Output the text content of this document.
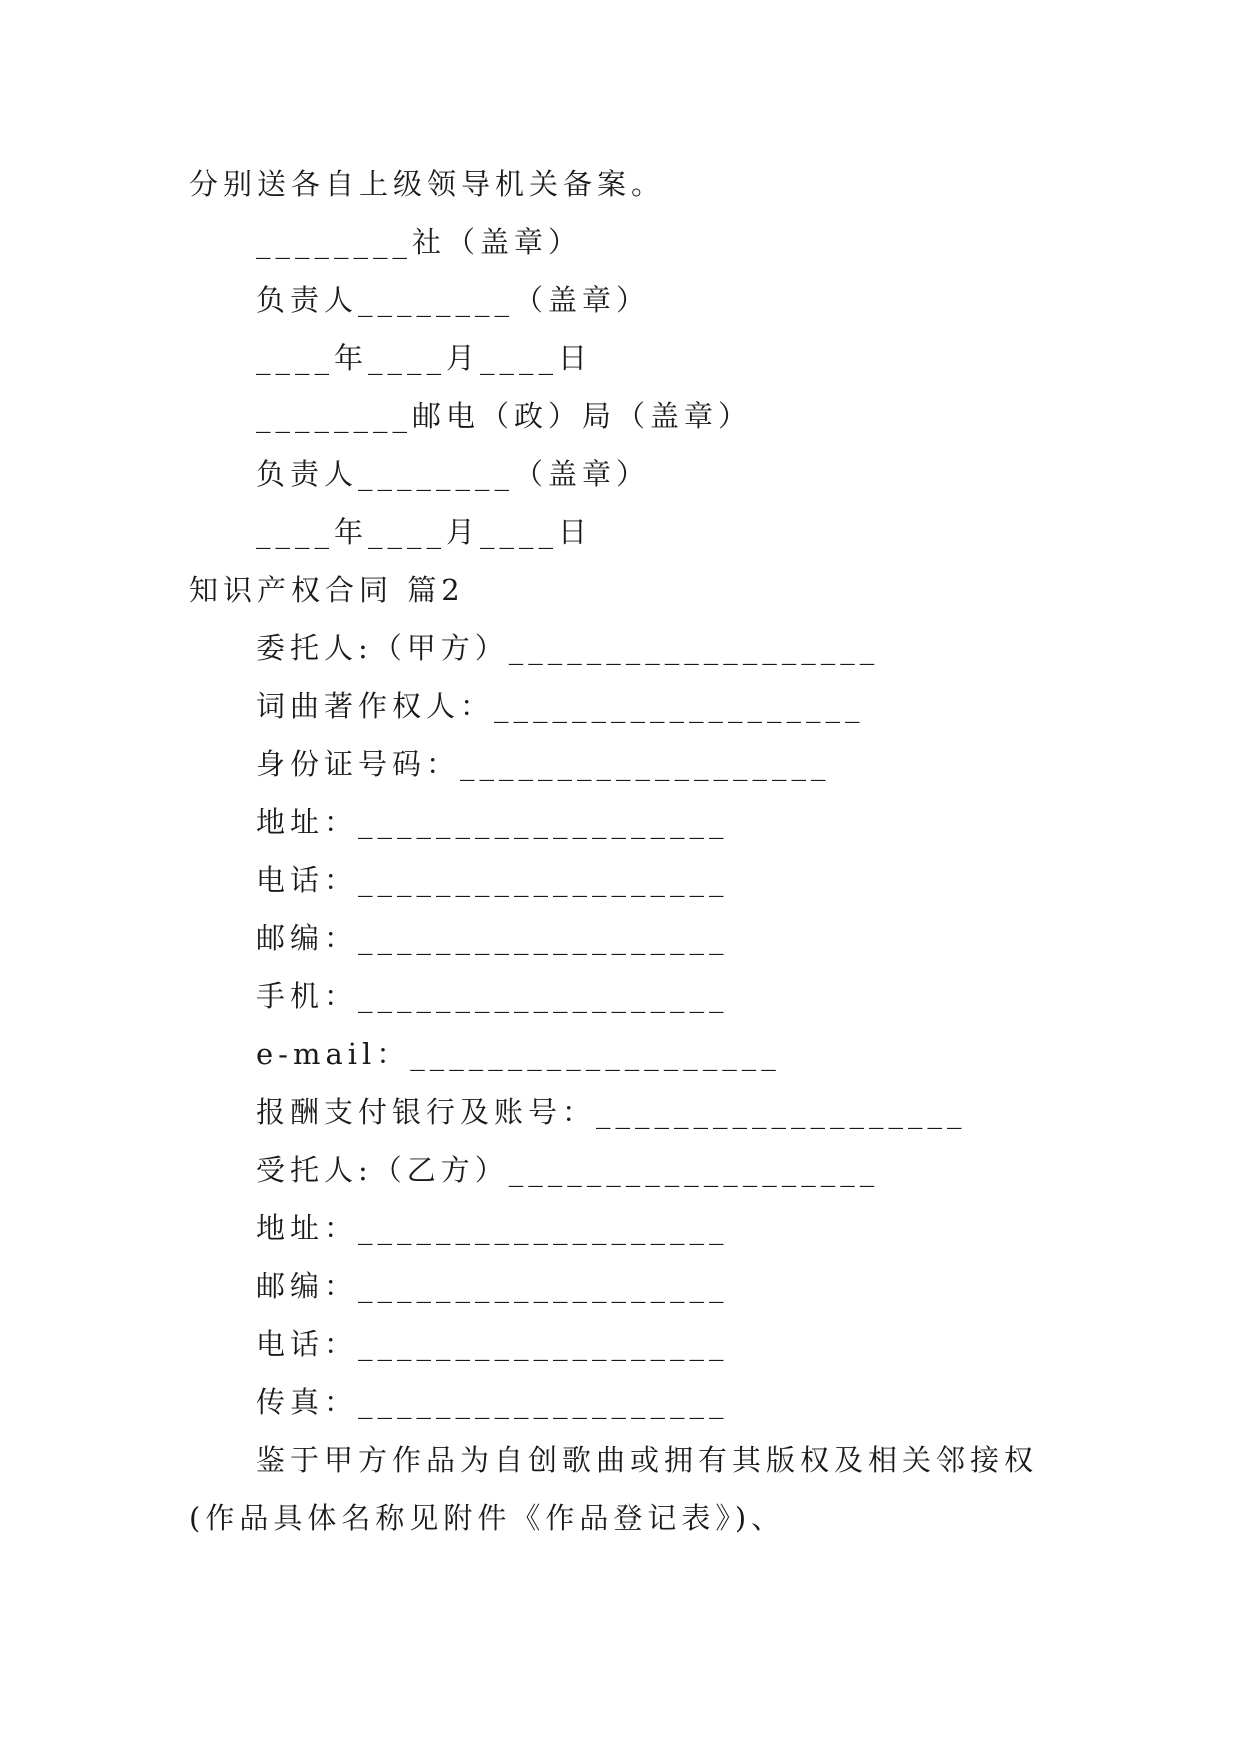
分别送各自上级领导机关备案。
________社（盖章）
负责人________（盖章）
____年____月____日
________邮电（政）局（盖章）
负责人________（盖章）
____年____月____日
知识产权合同 篇2
委托人:（甲方）___________________
词曲著作权人：___________________
身份证号码：___________________
地址：___________________
电话：___________________
邮编：___________________
手机：___________________
e-mail：___________________
报酬支付银行及账号：___________________
受托人:（乙方）___________________
地址：___________________
邮编：___________________
电话：___________________
传真：___________________
鉴于甲方作品为自创歌曲或拥有其版权及相关邻接权
(作品具体名称见附件《作品登记表》)、
